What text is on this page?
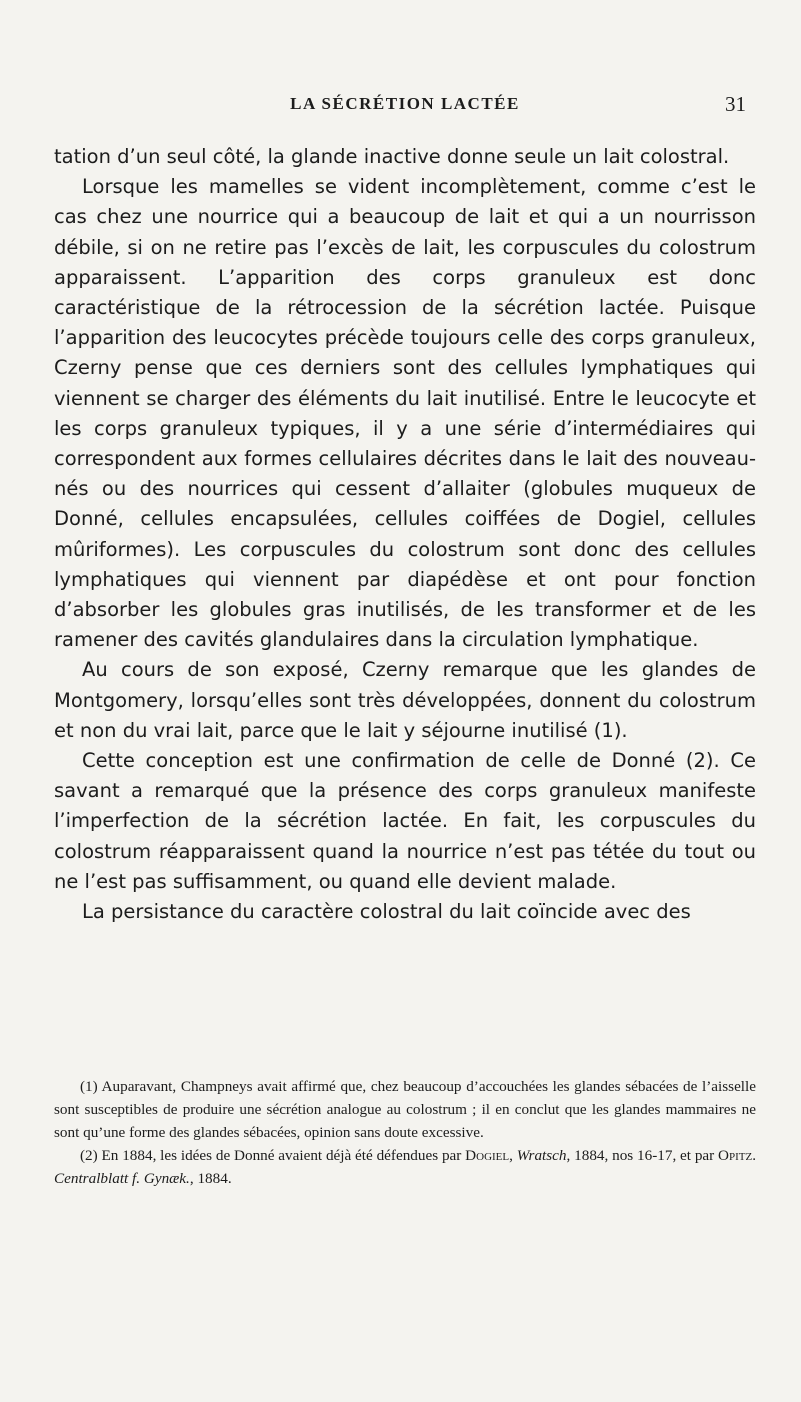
LA SÉCRÉTION LACTÉE	31

tation d’un seul côté, la glande inactive donne seule un lait colostral.

Lorsque les mamelles se vident incomplètement, comme c’est le cas chez une nourrice qui a beaucoup de lait et qui a un nourrisson débile, si on ne retire pas l’excès de lait, les corpuscules du colostrum apparaissent. L’apparition des corps granuleux est donc caractéristique de la rétrocession de la sécrétion lactée. Puisque l’apparition des leucocytes précède toujours celle des corps granuleux, Czerny pense que ces derniers sont des cellules lymphatiques qui viennent se charger des éléments du lait inutilisé. Entre le leucocyte et les corps granuleux typiques, il y a une série d’intermédiaires qui correspondent aux formes cellulaires décrites dans le lait des nouveau-nés ou des nourrices qui cessent d’allaiter (globules muqueux de Donné, cellules encapsulées, cellules coiffées de Dogiel, cellules mûriformes). Les corpuscules du colostrum sont donc des cellules lymphatiques qui viennent par diapédèse et ont pour fonction d’absorber les globules gras inutilisés, de les transformer et de les ramener des cavités glandulaires dans la circulation lymphatique.

Au cours de son exposé, Czerny remarque que les glandes de Montgomery, lorsqu’elles sont très développées, donnent du colostrum et non du vrai lait, parce que le lait y séjourne inutilisé (1).

Cette conception est une confirmation de celle de Donné (2). Ce savant a remarqué que la présence des corps granuleux manifeste l’imperfection de la sécrétion lactée. En fait, les corpuscules du colostrum réapparaissent quand la nourrice n’est pas tétée du tout ou ne l’est pas suffisamment, ou quand elle devient malade.

La persistance du caractère colostral du lait coïncide avec des

(1) Auparavant, Champneys avait affirmé que, chez beaucoup d’accouchées les glandes sébacées de l’aisselle sont susceptibles de produire une sécrétion analogue au colostrum ; il en conclut que les glandes mammaires ne sont qu’une forme des glandes sébacées, opinion sans doute excessive.

(2) En 1884, les idées de Donné avaient déjà été défendues par Dogiel, Wratsch, 1884, nos 16-17, et par Opitz. Centralblatt f. Gynæk., 1884.
